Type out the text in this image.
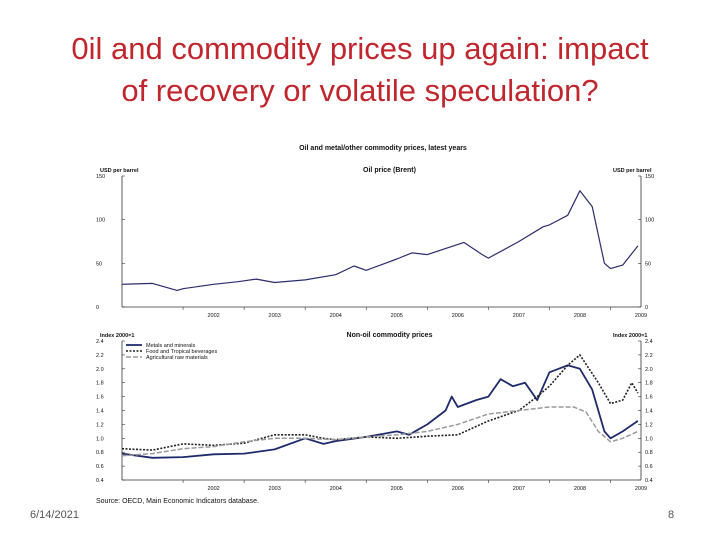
0il and commodity prices up again: impact
of recovery or volatile speculation?
Oil and metal/other commodity prices, latest years
Source: OECD, Main Economic Indicators database.
Oil price (Brent)
USD per barrel	USD per barrel
0	0
50	50
100	100
150	150
2002	2003	2004	2005	2006	2007	2008	2009
Non-oil commodity prices
Index 2000=1	Index 2000=1
0.4	0.4
0.6	0.6
0.8	0.8
1.0	1.0
1.2	1.2
1.4	1.4
1.6	1.6
1.8	1.8
2.0	2.0
2.2	2.2
2.4	2.4
2002	2003	2004	2005	2006	2007	2008	2009
Metals and minerals
Food and Tropical beverages
Agricultural raw materials
6/14/2021	8
